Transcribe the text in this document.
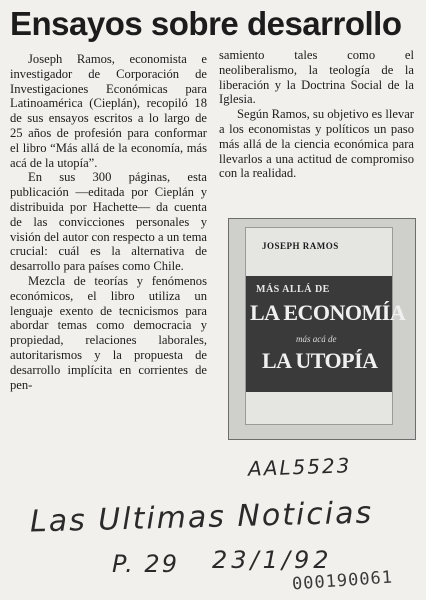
Ensayos sobre desarrollo

Joseph Ramos, economista e investigador de Corporación de Investigaciones Económicas para Latinoamérica (Cieplán), recopiló 18 de sus ensayos escritos a lo largo de 25 años de profesión para conformar el libro “Más allá de la economía, más acá de la utopía”.

En sus 300 páginas, esta publicación —editada por Cieplán y distribuida por Hachette— da cuenta de las convicciones personales y visión del autor con respecto a un tema crucial: cuál es la alternativa de desarrollo para países como Chile.

Mezcla de teorías y fenómenos económicos, el libro utiliza un lenguaje exento de tecnicismos para abordar temas como democracia y propiedad, relaciones laborales, autoritarismos y la propuesta de desarrollo implícita en corrientes de pen-

samiento tales como el neoliberalismo, la teología de la liberación y la Doctrina Social de la Iglesia.

Según Ramos, su objetivo es llevar a los economistas y políticos un paso más allá de la ciencia económica para llevarlos a una actitud de compromiso con la realidad.

JOSEPH RAMOS
MÁS ALLÁ DE
LA ECONOMÍA
más acá de
LA UTOPÍA
AAL5523
Las Ultimas Noticias
P. 29 23/1/92
000190061
